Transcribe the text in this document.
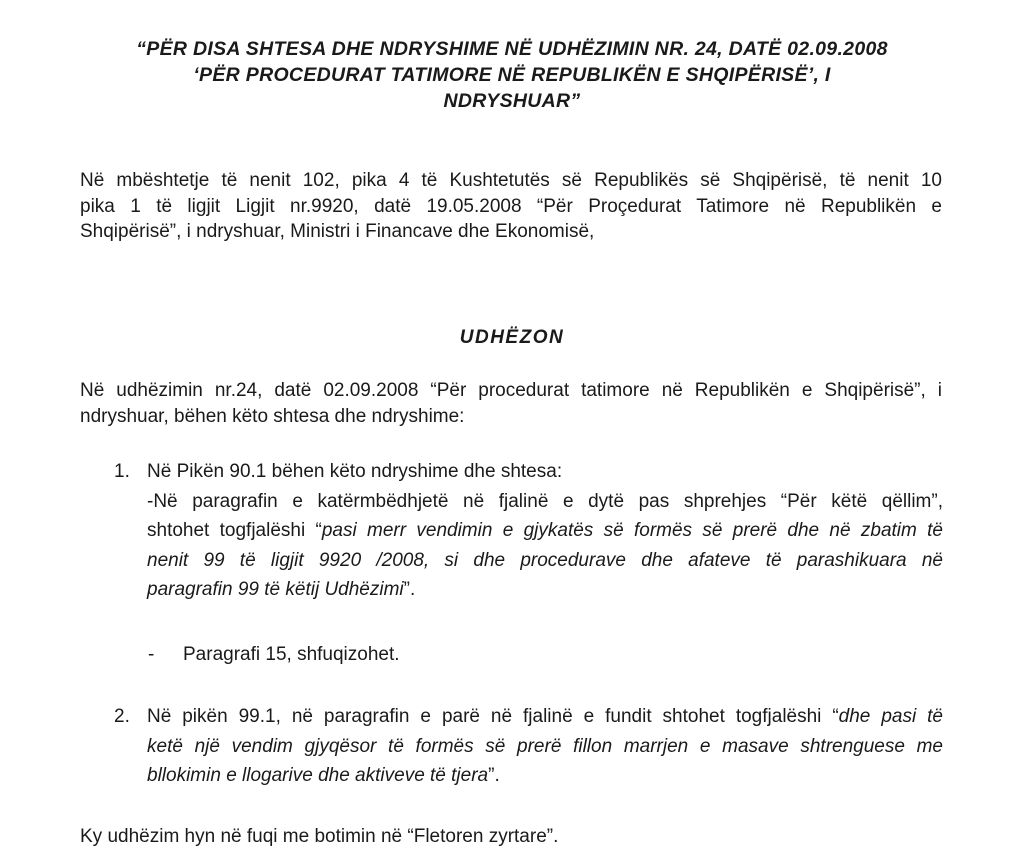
“PËR DISA SHTESA DHE NDRYSHIME NË UDHËZIMIN NR. 24, DATË 02.09.2008
‘PËR PROCEDURAT TATIMORE NË REPUBLIKËN E SHQIPËRISË’, I
NDRYSHUAR”
Në mbështetje të nenit 102, pika 4 të Kushtetutës së Republikës së Shqipërisë, të nenit 10
pika 1 të ligjit Ligjit nr.9920, datë 19.05.2008 “Për Proçedurat Tatimore në Republikën e
Shqipërisë”, i ndryshuar, Ministri i Financave dhe Ekonomisë,
UDHËZON
Në udhëzimin nr.24, datë 02.09.2008 “Për procedurat tatimore në Republikën e Shqipërisë”, i
ndryshuar, bëhen këto shtesa dhe ndryshime:
1. Në Pikën 90.1 bëhen këto ndryshime dhe shtesa:
-Në paragrafin e katërmbëdhjetë në fjalinë e dytë pas shprehjes “Për këtë qëllim”,
shtohet togfjalëshi “pasi merr vendimin e gjykatës së formës së prerë dhe në zbatim të
nenit 99 të ligjit 9920 /2008, si dhe procedurave dhe afateve të parashikuara në
paragrafin 99 të këtij Udhëzimi”.
- Paragrafi 15, shfuqizohet.
2. Në pikën 99.1, në paragrafin e parë në fjalinë e fundit shtohet togfjalëshi “dhe pasi të
ketë një vendim gjyqësor të formës së prerë fillon marrjen e masave shtrenguese me
bllokimin e llogarive dhe aktiveve të tjera”.
Ky udhëzim hyn në fuqi me botimin në “Fletoren zyrtare”.
